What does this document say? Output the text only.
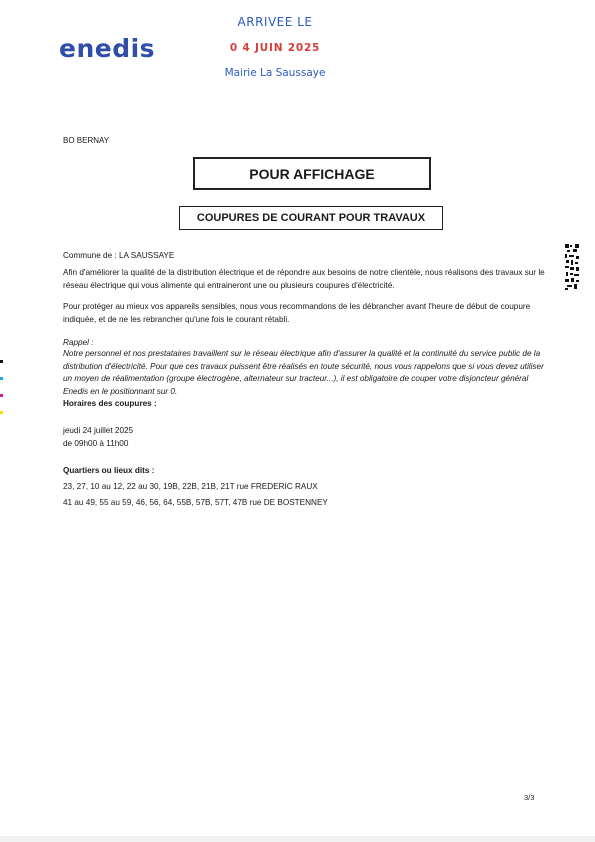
enedis
ARRIVEE LE
0 4 JUIN 2025
Mairie La Saussaye
BO BERNAY
POUR AFFICHAGE
COUPURES DE COURANT POUR TRAVAUX
Commune de : LA SAUSSAYE
Afin d'améliorer la qualité de la distribution électrique et de répondre aux besoins de notre clientèle, nous réalisons des travaux sur le réseau électrique qui vous alimente qui entraineront une ou plusieurs coupures d'électricité.
Pour protéger au mieux vos appareils sensibles, nous vous recommandons de les débrancher avant l'heure de début de coupure indiquée, et de ne les rebrancher qu'une fois le courant rétabli.
Rappel :
Notre personnel et nos prestataires travaillent sur le réseau électrique afin d'assurer la qualité et la continuité du service public de la distribution d'électricité. Pour que ces travaux puissent être réalisés en toute sécurité, nous vous rappelons que si vous devez utiliser un moyen de réalimentation (groupe électrogène, alternateur sur tracteur...), il est obligatoire de couper votre disjoncteur général Enedis en le positionnant sur 0.
Horaires des coupures :
jeudi 24 juillet 2025
de 09h00 à 11h00
Quartiers ou lieux dits :
23, 27, 10 au 12, 22 au 30, 19B, 22B, 21B, 21T rue FREDERIC RAUX
41 au 49, 55 au 59, 46, 56, 64, 55B, 57B, 57T, 47B rue DE BOSTENNEY
3/3
